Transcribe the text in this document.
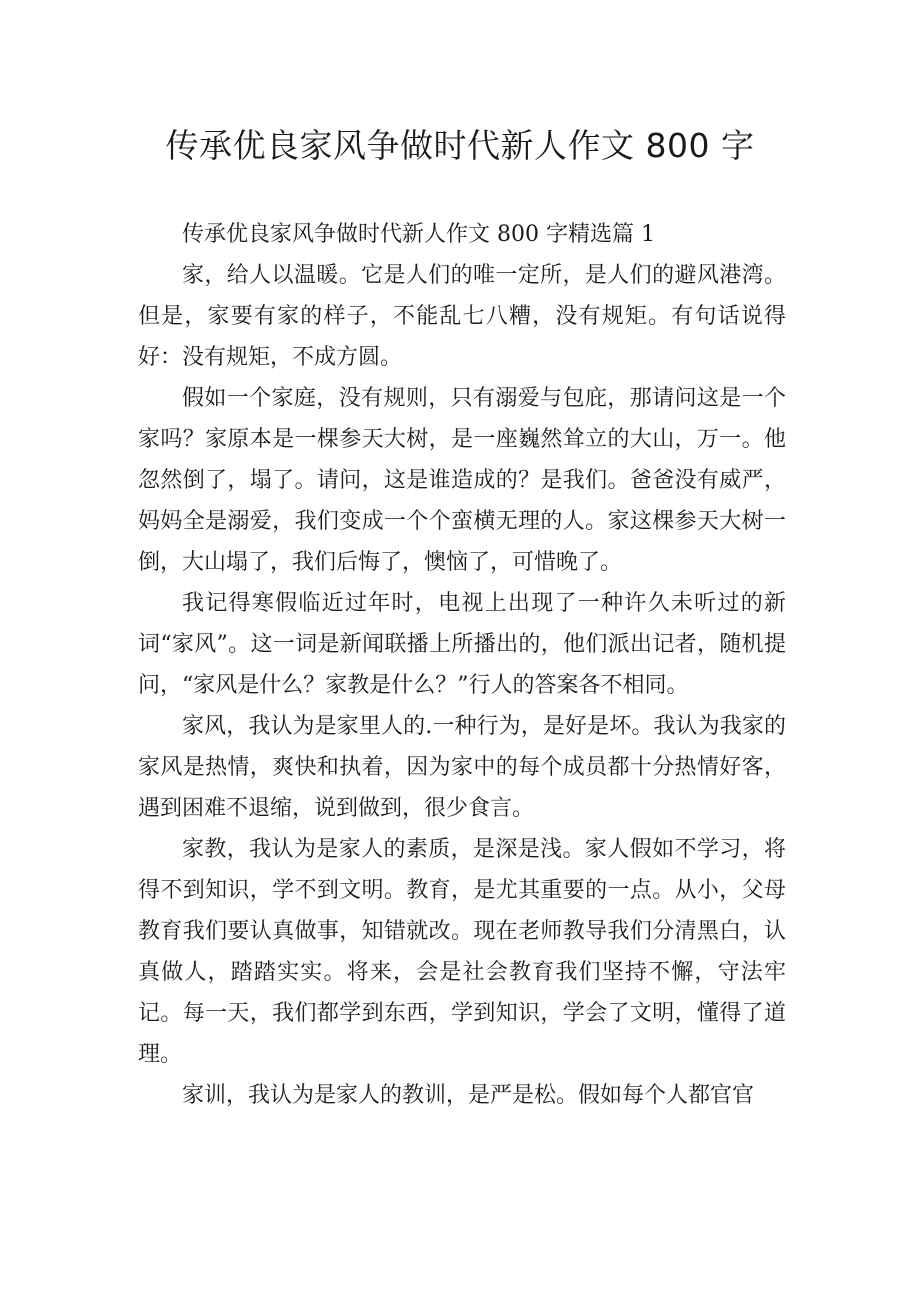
传承优良家风争做时代新人作文 800 字

传承优良家风争做时代新人作文 800 字精选篇 1

家，给人以温暖。它是人们的唯一定所，是人们的避风港湾。但是，家要有家的样子，不能乱七八糟，没有规矩。有句话说得好：没有规矩，不成方圆。

假如一个家庭，没有规则，只有溺爱与包庇，那请问这是一个家吗？家原本是一棵参天大树，是一座巍然耸立的大山，万一。他忽然倒了，塌了。请问，这是谁造成的？是我们。爸爸没有威严，妈妈全是溺爱，我们变成一个个蛮横无理的人。家这棵参天大树一倒，大山塌了，我们后悔了，懊恼了，可惜晚了。

我记得寒假临近过年时，电视上出现了一种许久未听过的新词“家风”。这一词是新闻联播上所播出的，他们派出记者，随机提问，“家风是什么？家教是什么？”行人的答案各不相同。

家风，我认为是家里人的.一种行为，是好是坏。我认为我家的家风是热情，爽快和执着，因为家中的每个成员都十分热情好客，遇到困难不退缩，说到做到，很少食言。

家教，我认为是家人的素质，是深是浅。家人假如不学习，将得不到知识，学不到文明。教育，是尤其重要的一点。从小，父母教育我们要认真做事，知错就改。现在老师教导我们分清黑白，认真做人，踏踏实实。将来，会是社会教育我们坚持不懈，守法牢记。每一天，我们都学到东西，学到知识，学会了文明，懂得了道理。

家训，我认为是家人的教训，是严是松。假如每个人都官官
